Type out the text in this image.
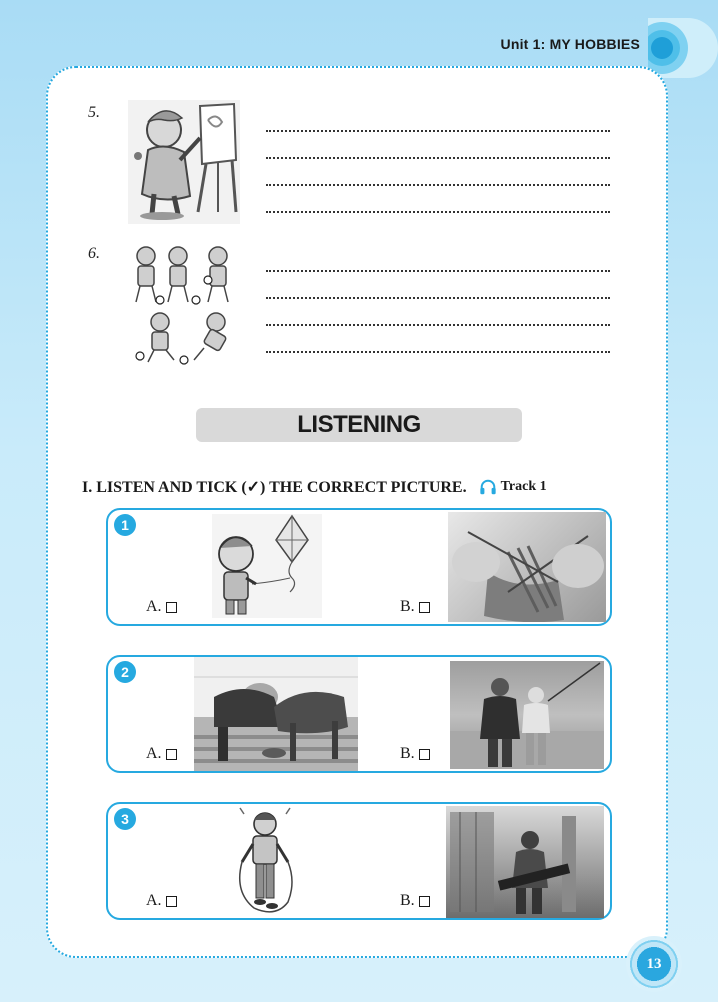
Unit 1: MY HOBBIES
5.
6.
LISTENING
I. LISTEN AND TICK (✓) THE CORRECT PICTURE. Track 1
1
A.	B.
2
A.	B.
3
A.	B.
13
